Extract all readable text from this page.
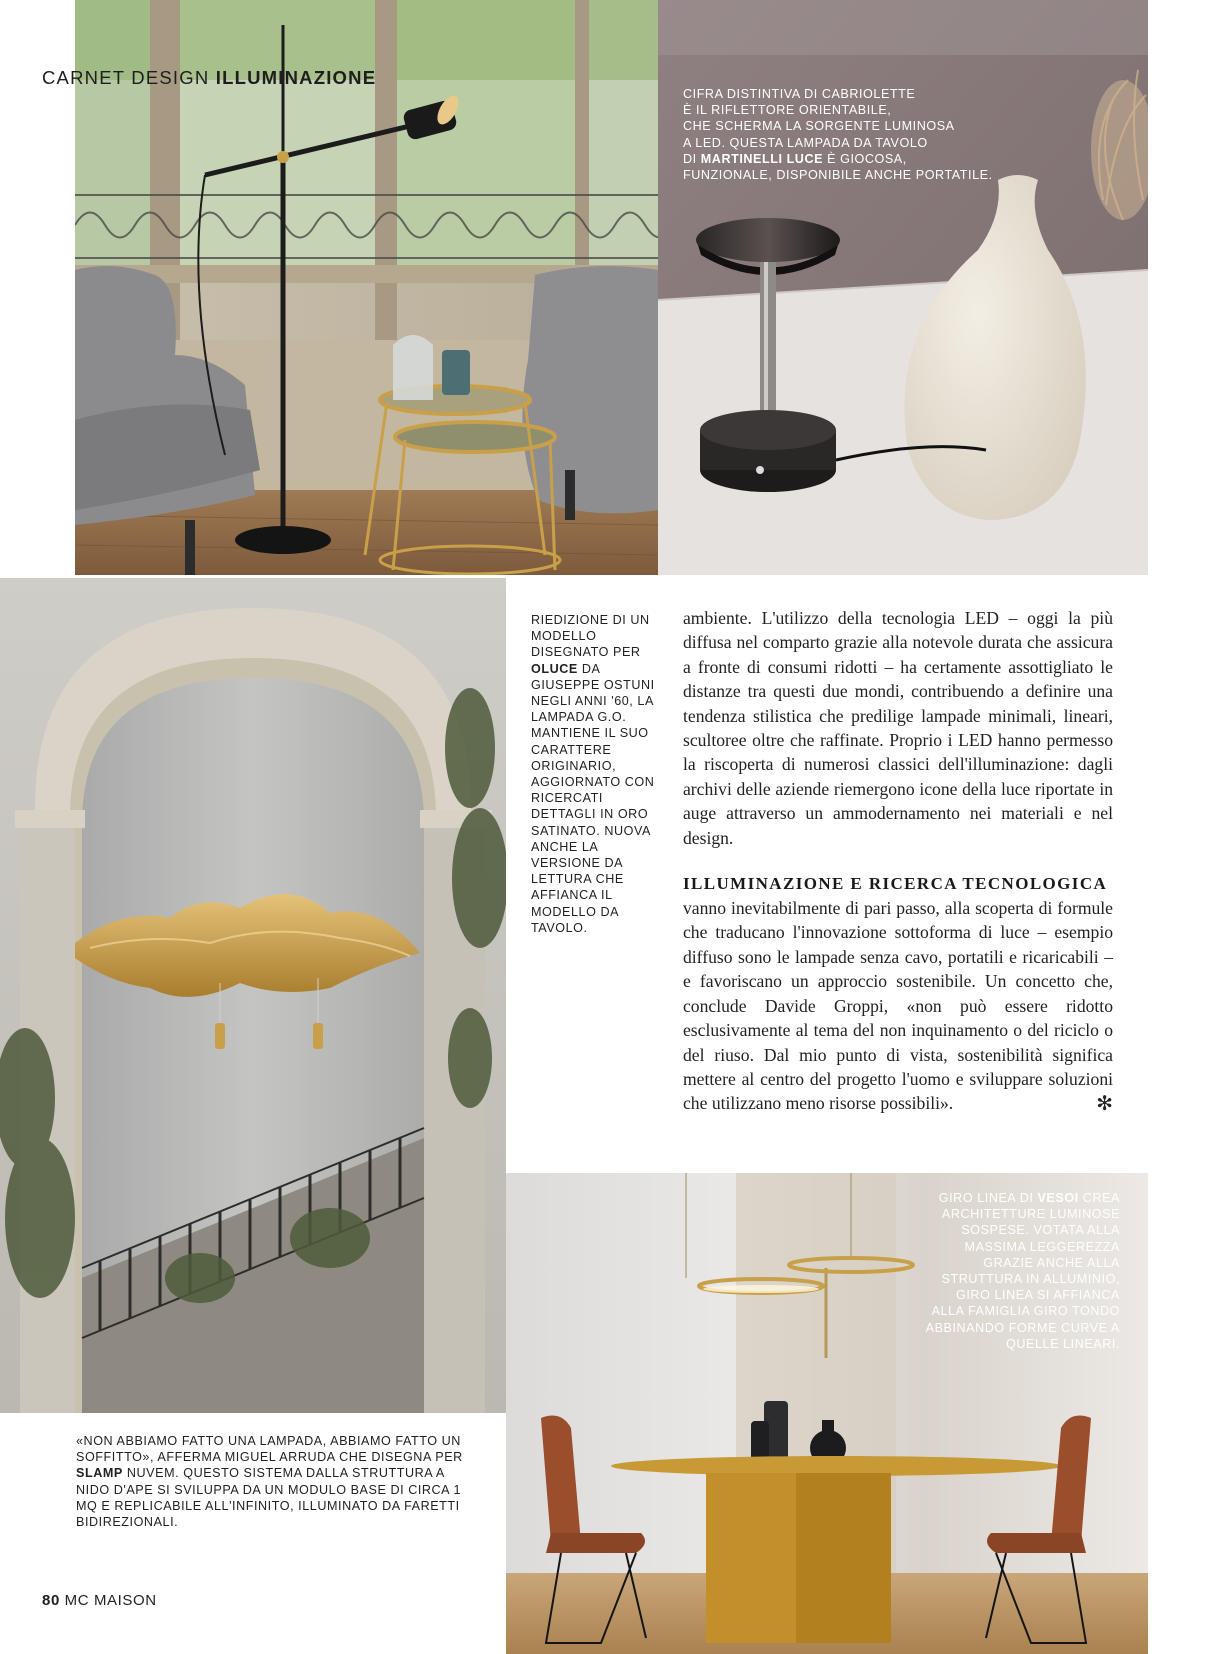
CARNET DESIGN ILLUMINAZIONE
CIFRA DISTINTIVA DI CABRIOLETTE
È IL RIFLETTORE ORIENTABILE,
CHE SCHERMA LA SORGENTE LUMINOSA
A LED. QUESTA LAMPADA DA TAVOLO
DI MARTINELLI LUCE È GIOCOSA,
FUNZIONALE, DISPONIBILE ANCHE PORTATILE.
RIEDIZIONE DI UN MODELLO DISEGNATO PER OLUCE DA GIUSEPPE OSTUNI NEGLI ANNI '60, LA LAMPADA G.O. MANTIENE IL SUO CARATTERE ORIGINARIO, AGGIORNATO CON RICERCATI DETTAGLI IN ORO SATINATO. NUOVA ANCHE LA VERSIONE DA LETTURA CHE AFFIANCA IL MODELLO DA TAVOLO.

ambiente. L'utilizzo della tecnologia LED – oggi la più diffusa nel comparto grazie alla notevole durata che assicura a fronte di consumi ridotti – ha certamente assottigliato le distanze tra questi due mondi, contribuendo a definire una tendenza stilistica che predilige lampade minimali, lineari, scultoree oltre che raffinate. Proprio i LED hanno permesso la riscoperta di numerosi classici dell'illuminazione: dagli archivi delle aziende riemergono icone della luce riportate in auge attraverso un ammodernamento nei materiali e nel design.

ILLUMINAZIONE E RICERCA TECNOLOGICA

vanno inevitabilmente di pari passo, alla scoperta di formule che traducano l'innovazione sottoforma di luce – esempio diffuso sono le lampade senza cavo, portatili e ricaricabili – e favoriscano un approccio sostenibile. Un concetto che, conclude Davide Groppi, «non può essere ridotto esclusivamente al tema del non inquinamento o del riciclo o del riuso. Dal mio punto di vista, sostenibilità significa mettere al centro del progetto l'uomo e sviluppare soluzioni che utilizzano meno risorse possibili».	✻

GIRO LINEA DI VESOI CREA ARCHITETTURE LUMINOSE SOSPESE. VOTATA ALLA MASSIMA LEGGEREZZA GRAZIE ANCHE ALLA STRUTTURA IN ALLUMINIO, GIRO LINEA SI AFFIANCA ALLA FAMIGLIA GIRO TONDO ABBINANDO FORME CURVE A QUELLE LINEARI.
«NON ABBIAMO FATTO UNA LAMPADA, ABBIAMO FATTO UN SOFFITTO», AFFERMA MIGUEL ARRUDA CHE DISEGNA PER SLAMP NUVEM. QUESTO SISTEMA DALLA STRUTTURA A NIDO D'APE SI SVILUPPA DA UN MODULO BASE DI CIRCA 1 MQ E REPLICABILE ALL'INFINITO, ILLUMINATO DA FARETTI BIDIREZIONALI.
80 MC MAISON
